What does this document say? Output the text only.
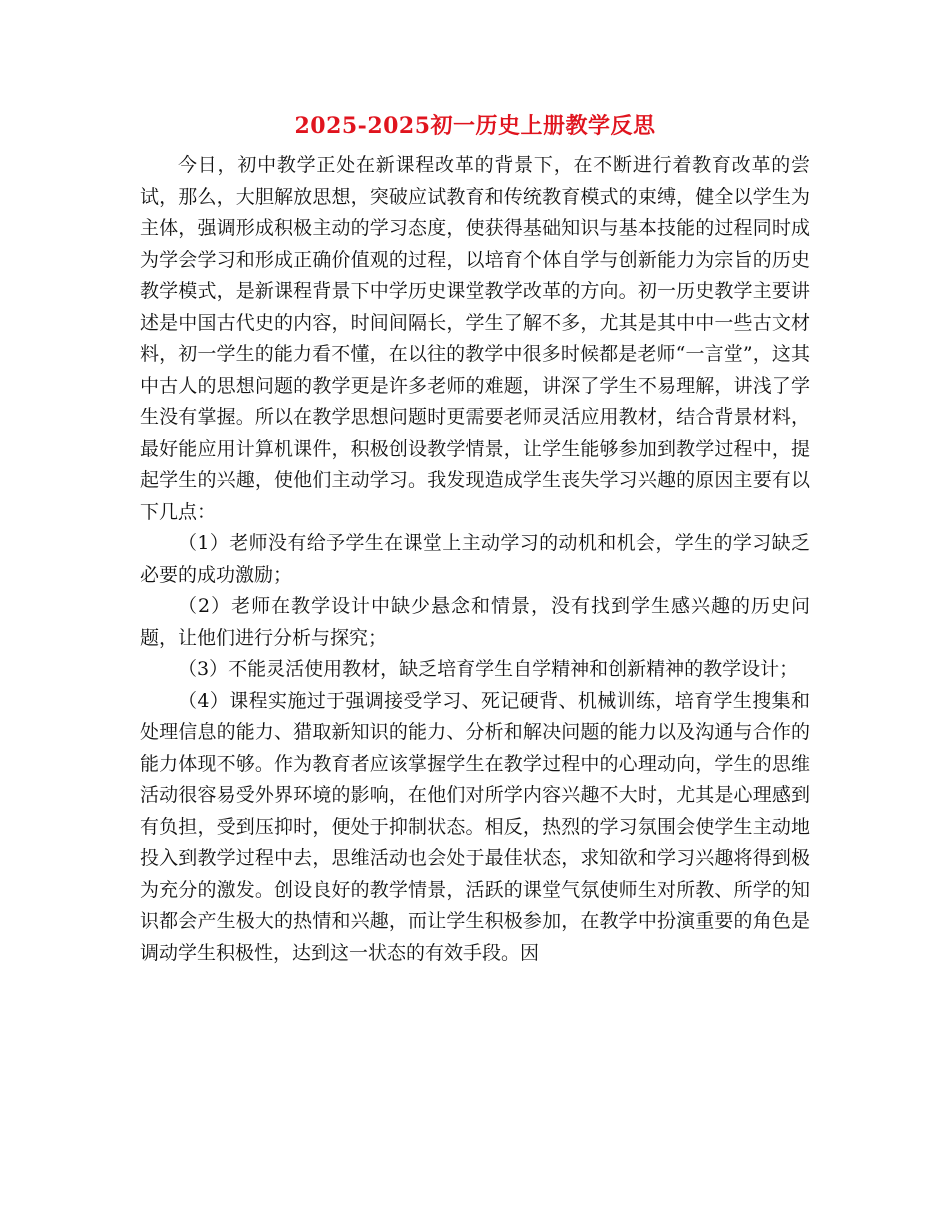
2025-2025初一历史上册教学反思

今日，初中教学正处在新课程改革的背景下，在不断进行着教育改革的尝试，那么，大胆解放思想，突破应试教育和传统教育模式的束缚，健全以学生为主体，强调形成积极主动的学习态度，使获得基础知识与基本技能的过程同时成为学会学习和形成正确价值观的过程，以培育个体自学与创新能力为宗旨的历史教学模式，是新课程背景下中学历史课堂教学改革的方向。初一历史教学主要讲述是中国古代史的内容，时间间隔长，学生了解不多，尤其是其中中一些古文材料，初一学生的能力看不懂，在以往的教学中很多时候都是老师“一言堂”，这其中古人的思想问题的教学更是许多老师的难题，讲深了学生不易理解，讲浅了学生没有掌握。所以在教学思想问题时更需要老师灵活应用教材，结合背景材料，最好能应用计算机课件，积极创设教学情景，让学生能够参加到教学过程中，提起学生的兴趣，使他们主动学习。我发现造成学生丧失学习兴趣的原因主要有以下几点：

（1）老师没有给予学生在课堂上主动学习的动机和机会，学生的学习缺乏必要的成功激励；

（2）老师在教学设计中缺少悬念和情景，没有找到学生感兴趣的历史问题，让他们进行分析与探究；

（3）不能灵活使用教材，缺乏培育学生自学精神和创新精神的教学设计；

（4）课程实施过于强调接受学习、死记硬背、机械训练，培育学生搜集和处理信息的能力、猎取新知识的能力、分析和解决问题的能力以及沟通与合作的能力体现不够。作为教育者应该掌握学生在教学过程中的心理动向，学生的思维活动很容易受外界环境的影响，在他们对所学内容兴趣不大时，尤其是心理感到有负担，受到压抑时，便处于抑制状态。相反，热烈的学习氛围会使学生主动地投入到教学过程中去，思维活动也会处于最佳状态，求知欲和学习兴趣将得到极为充分的激发。创设良好的教学情景，活跃的课堂气氛使师生对所教、所学的知识都会产生极大的热情和兴趣，而让学生积极参加，在教学中扮演重要的角色是调动学生积极性，达到这一状态的有效手段。因
